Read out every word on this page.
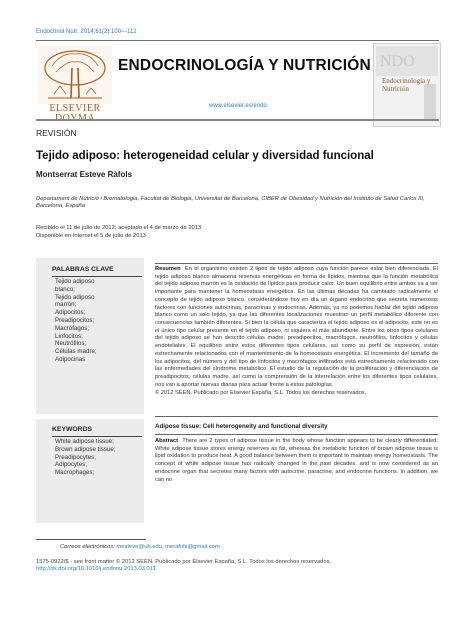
Endocrinol Nutr. 2014;61(2):100---112
ELSEVIER
ENDOCRINOLOGÍA Y NUTRICIÓN
www.elsevier.es/endo
NDO
Endocrinología y Nutrición
REVISIÓN
Tejido adiposo: heterogeneidad celular y diversidad funcional
Montserrat Esteve Ràfols
Departament de Nutrició i Bromatologia, Facultat de Biologia, Universitat de Barcelona, CIBER de Obesidad y Nutrición del Instituto de Salud Carlos III, Barcelona, España
Recibido el 11 de julio de 2012; aceptado el 4 de marzo de 2013
Disponible en Internet el 5 de julio de 2013
PALABRAS CLAVE
Tejido adiposo
blanco;
Tejido adiposo
marrón;
Adipocitos;
Preadipocitos;
Macrófagos;
Linfocitos;
Neutrófilos;
Células madre;
Adipocinas
Resumen En el organismo existen 2 tipos de tejido adiposo cuya función parece estar bien diferenciada. El tejido adiposo blanco almacena reservas energéticas en forma de lípidos, mientras que la función metabólica del tejido adiposo marrón es la oxidación de lípidos para producir calor. Un buen equilibrio entre ambos va a ser importante para mantener la homeostasis energética. En las últimas décadas ha cambiado radicalmente el concepto de tejido adiposo blanco, considerándose hoy en día un órgano endocrino que secreta numerosos factores con funciones autocrinas, paracrinas y endocrinas. Además, ya no podemos hablar del tejido adiposo blanco como un solo tejido, ya que las diferentes localizaciones muestran un perfil metabólico diferente con consecuencias también diferentes. Si bien la célula que caracteriza el tejido adiposo es el adipocito, este no es el único tipo celular presente en el tejido adiposo, ni siquiera el más abundante. Entre los otros tipos celulares del tejido adiposo se han descrito células madre, preadipocitos, macrófagos, neutrófilos, linfocitos y células endoteliales. El equilibrio entre estos diferentes tipos celulares, así como su perfil de expresión, están estrechamente relacionados con el mantenimiento de la homeostasis energética. El incremento del tamaño de los adipocitos, del número y del tipo de linfocitos y macrófagos infiltrados está estrechamente relacionado con las enfermedades del síndrome metabólico. El estudio de la regulación de la proliferación y diferenciación de preadipocitos, células madre, así como la comprensión de la interrelación entre los diferentes tipos celulares, nos van a aportar nuevas dianas para actuar frente a estas patologías.
© 2012 SEEN. Publicado por Elsevier España, S.L. Todos los derechos reservados.
KEYWORDS
White adipose tissue;
Brown adipose tissue;
Preadipocytes;
Adipocytes;
Macrophages;
Adipose tissue: Cell heterogeneity and functional diversity
Abstract There are 2 types of adipose tissue in the body whose function appears to be clearly differentiated. White adipose tissue stores energy reserves as fat, whereas the metabolic function of brown adipose tissue is lipid oxidation to produce heat. A good balance between them is important to maintain energy homeostasis. The concept of white adipose tissue has radically changed in the past decades, and is now considered as an endocrine organ that secretes many factors with autocrine, paracrine, and endocrine functions. In addition, we can no
Correos electrónicos: mesteve@ub.edu, merafols@gmail.com
1575-0922/$ - see front matter © 2012 SEEN. Publicado por Elsevier España, S.L. Todos los derechos reservados.
http://dx.doi.org/10.1016/j.endonu.2013.03.011
